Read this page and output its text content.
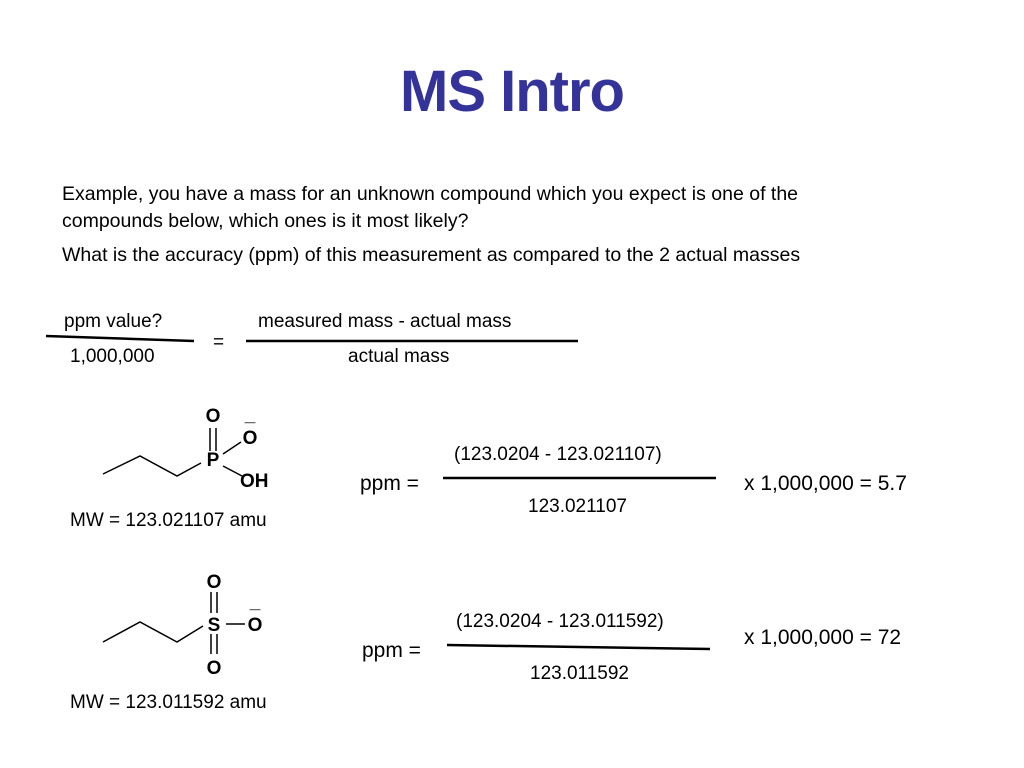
MS Intro
Example, you have a mass for an unknown compound which you expect is one of the
compounds below, which ones is it most likely?
What is the accuracy (ppm) of this measurement as compared to the 2 actual masses
ppm value?
1,000,000
=
measured mass - actual mass
actual mass
O
O
_
P
OH
MW = 123.021107 amu
ppm =
(123.0204 - 123.021107)
123.021107
x 1,000,000 = 5.7
O
S O
O
_
MW = 123.011592 amu
ppm =
(123.0204 - 123.011592)
123.011592
x 1,000,000 = 72
